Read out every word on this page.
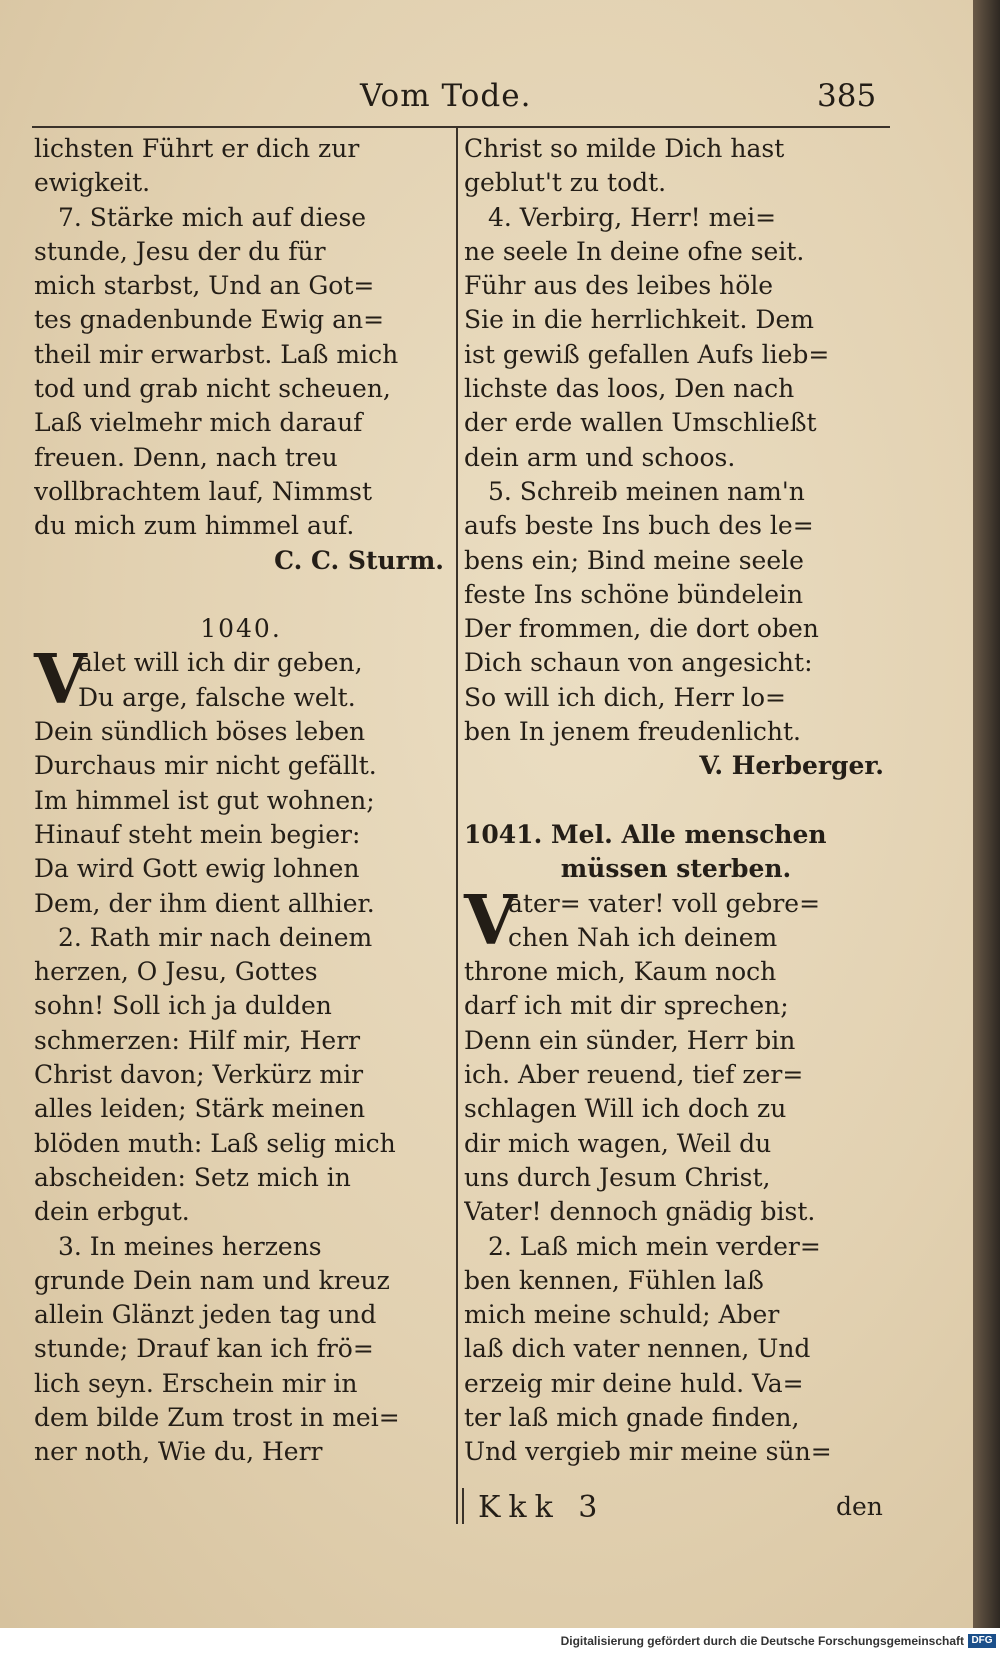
Vom Tode.	385
lichsten Führt er dich zur
ewigkeit.
7. Stärke mich auf diese
stunde, Jesu der du für
mich starbst, Und an Got=
tes gnadenbunde Ewig an=
theil mir erwarbst. Laß mich
tod und grab nicht scheuen,
Laß vielmehr mich darauf
freuen. Denn, nach treu
vollbrachtem lauf, Nimmst
du mich zum himmel auf.
C. C. Sturm.
1040.
V
alet will ich dir geben,
Du arge, falsche welt.
Dein sündlich böses leben
Durchaus mir nicht gefällt.
Im himmel ist gut wohnen;
Hinauf steht mein begier:
Da wird Gott ewig lohnen
Dem, der ihm dient allhier.
2. Rath mir nach deinem
herzen, O Jesu, Gottes
sohn! Soll ich ja dulden
schmerzen: Hilf mir, Herr
Christ davon; Verkürz mir
alles leiden; Stärk meinen
blöden muth: Laß selig mich
abscheiden: Setz mich in
dein erbgut.
3. In meines herzens
grunde Dein nam und kreuz
allein Glänzt jeden tag und
stunde; Drauf kan ich frö=
lich seyn. Erschein mir in
dem bilde Zum trost in mei=
ner noth, Wie du, Herr
Christ so milde Dich hast
geblut't zu todt.
4. Verbirg, Herr! mei=
ne seele In deine ofne seit.
Führ aus des leibes höle
Sie in die herrlichkeit. Dem
ist gewiß gefallen Aufs lieb=
lichste das loos, Den nach
der erde wallen Umschließt
dein arm und schoos.
5. Schreib meinen nam'n
aufs beste Ins buch des le=
bens ein; Bind meine seele
feste Ins schöne bündelein
Der frommen, die dort oben
Dich schaun von angesicht:
So will ich dich, Herr lo=
ben In jenem freudenlicht.
V. Herberger.
1041. Mel. Alle menschen
müssen sterben.
V
ater= vater! voll gebre=
chen Nah ich deinem
throne mich, Kaum noch
darf ich mit dir sprechen;
Denn ein sünder, Herr bin
ich. Aber reuend, tief zer=
schlagen Will ich doch zu
dir mich wagen, Weil du
uns durch Jesum Christ,
Vater! dennoch gnädig bist.
2. Laß mich mein verder=
ben kennen, Fühlen laß
mich meine schuld; Aber
laß dich vater nennen, Und
erzeig mir deine huld. Va=
ter laß mich gnade finden,
Und vergieb mir meine sün=
Kkk 3	den
Digitalisierung gefördert durch die Deutsche Forschungsgemeinschaft DFG
